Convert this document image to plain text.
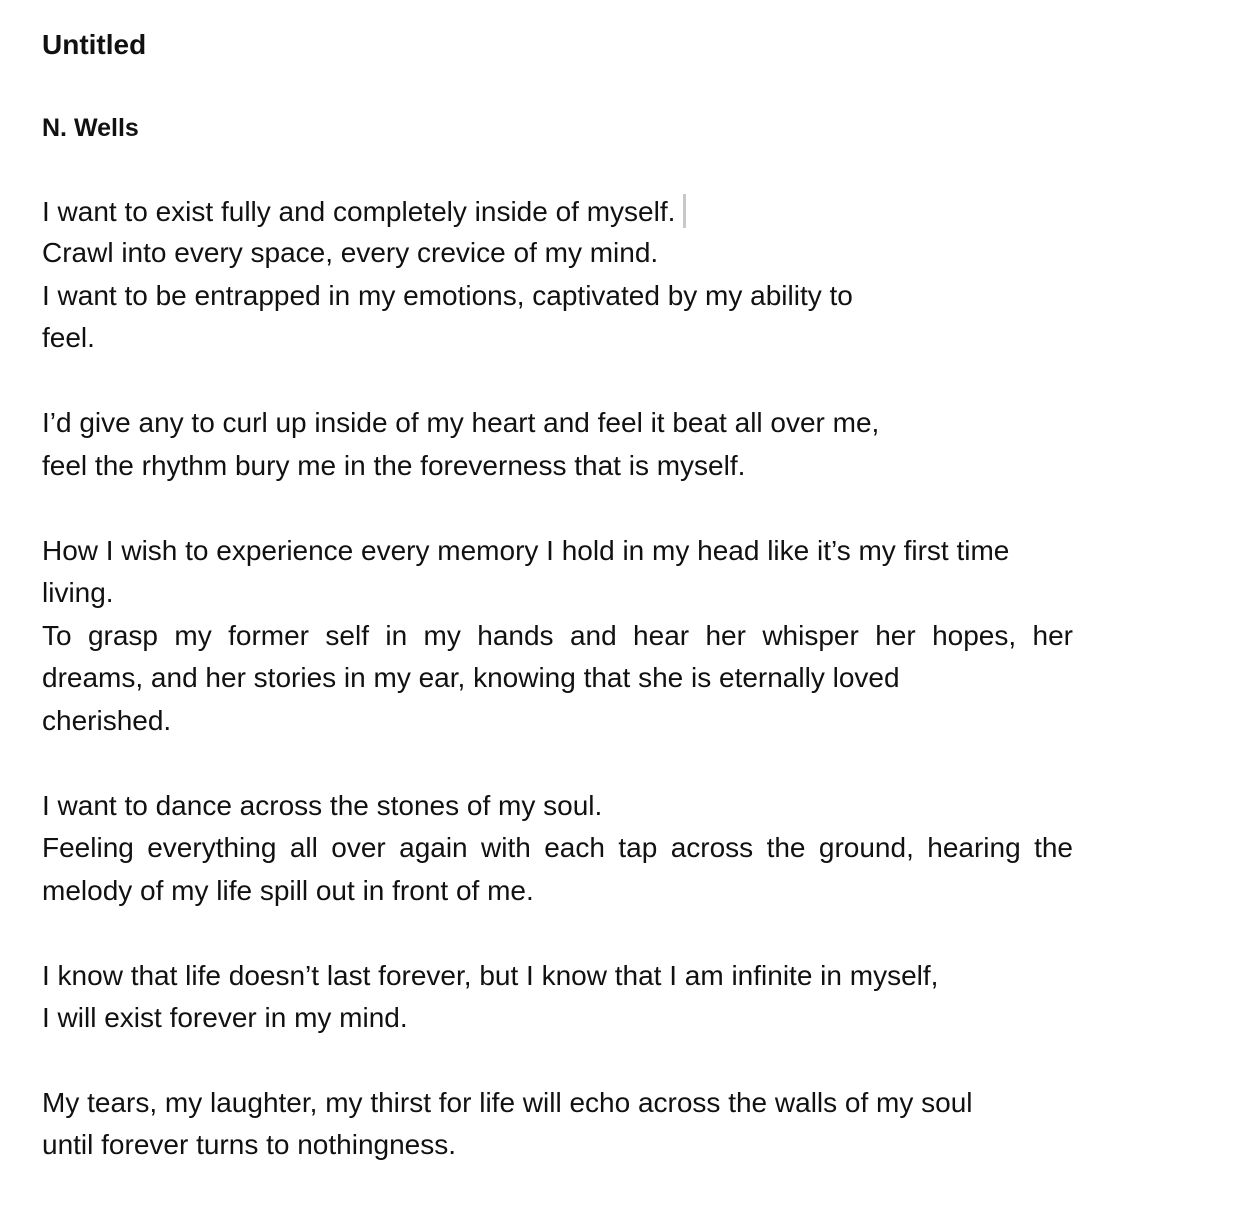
Untitled
N. Wells
I want to exist fully and completely inside of myself.
Crawl into every space, every crevice of my mind.
I want to be entrapped in my emotions, captivated by my ability to
feel.
I’d give any to curl up inside of my heart and feel it beat all over me,
feel the rhythm bury me in the foreverness that is myself.
How I wish to experience every memory I hold in my head like it’s my first time
living.
To grasp my former self in my hands and hear her whisper her hopes, her
dreams, and her stories in my ear, knowing that she is eternally loved
cherished.
I want to dance across the stones of my soul.
Feeling everything all over again with each tap across the ground, hearing the
melody of my life spill out in front of me.
I know that life doesn’t last forever, but I know that I am infinite in myself,
I will exist forever in my mind.
My tears, my laughter, my thirst for life will echo across the walls of my soul
until forever turns to nothingness.
